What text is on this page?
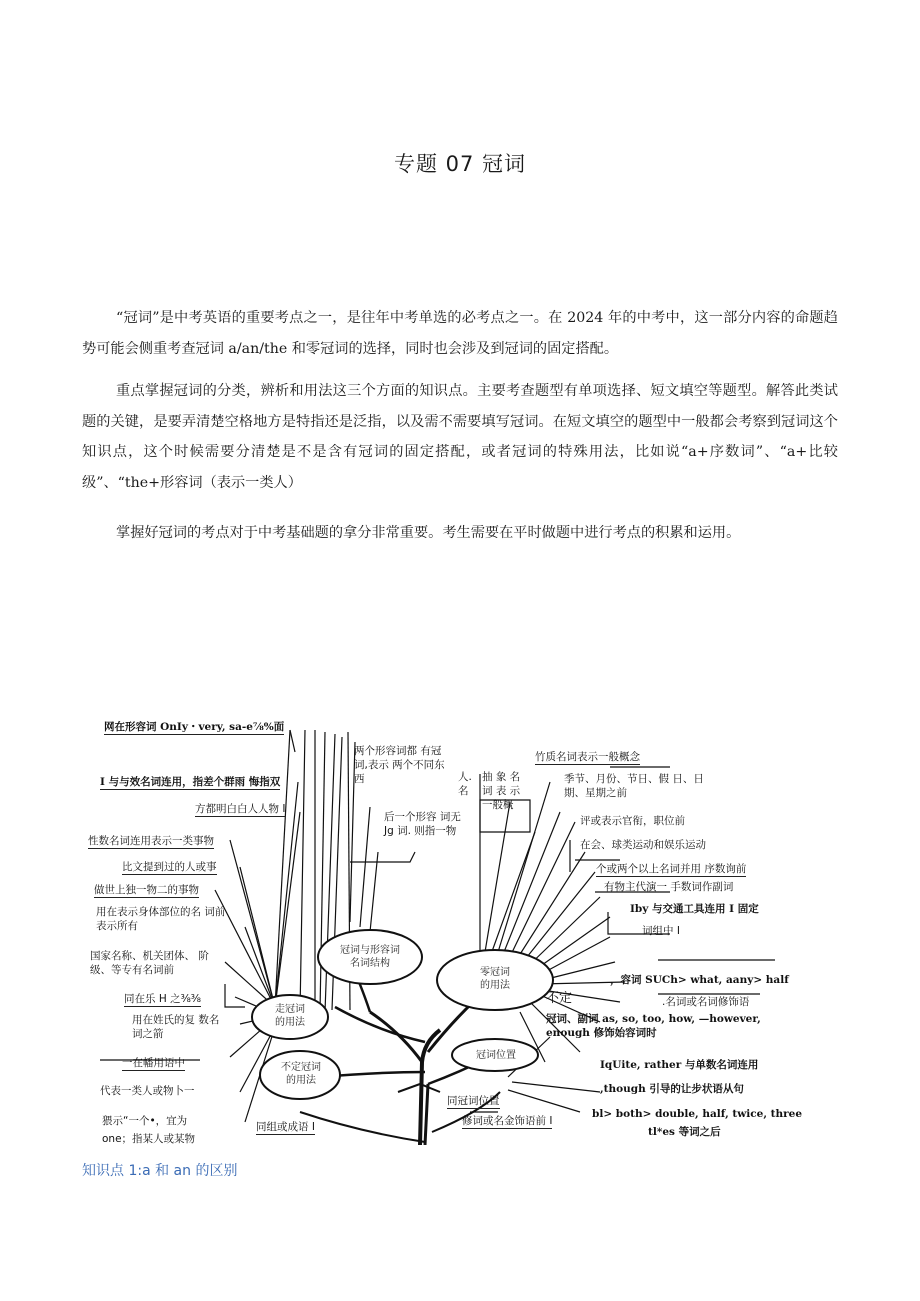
专题 07 冠词

“冠词”是中考英语的重要考点之一，是往年中考单选的必考点之一。在 2024 年的中考中，这一部分内容的命题趋势可能会侧重考查冠词 a/an/the 和零冠词的选择，同时也会涉及到冠词的固定搭配。

重点掌握冠词的分类，辨析和用法这三个方面的知识点。主要考查题型有单项选择、短文填空等题型。解答此类试题的关键，是要弄清楚空格地方是特指还是泛指，以及需不需要填写冠词。在短文填空的题型中一般都会考察到冠词这个知识点，这个时候需要分清楚是不是含有冠词的固定搭配，或者冠词的特殊用法，比如说“a+序数词”、“a+比较级”、“the+形容词（表示一类人）

掌握好冠词的考点对于中考基础题的拿分非常重要。考生需要在平时做题中进行考点的积累和运用。

走冠词
的用法
冠词与形容词
名词结构
零冠词
的用法
冠词位置
不定冠词
的用法
网在形容词 OnIy・very, sa-e⅞%面
I 与与效名词连用，指差个群雨 悔指双
方都明白白人人物 I
性数名词连用表示一类事物
比文提到过的人或事
做世上独一物二的事物
用在表示身体部位的名 词前表示所有
国家名称、机关团体、 阶级、等专有名词前
同在乐 H 之⅜⅜
用在姓氏的复 数名词之箭
一在幡用语中
代表一类人或物卜一
猥示“一个•，宜为
one；指某人或某物
同组或成语 I
两个形容词都 有冠词,表示 两个不同东西	人. 名
抽 象 名 词 表 示 一般概
后一个形容 词无 Jg 词. 则指一物
竹质名词表示一般概念
季节、月份、节日、假 日、日期、星期之前
评或表示官衔，职位前
在会、球类运动和娱乐运动
个或两个以上名词并用 序数询前
有物主代演一 手数词作副词
Iby 与交通工具连用 I 固定
词组中 I
，容词 SUCh> what, aany> half
不定	.名词或名词修饰语
冠词、副词 as, so, too, how, —however, enough 修饰始容词时
IqUite, rather 与单数名词连用
,though 引导的让步状语从句
bl> both> double, half, twice, three
tl*es 等词之后
同冠词位置
修词或名金饰语前 I
知识点 1:a 和 an 的区别
